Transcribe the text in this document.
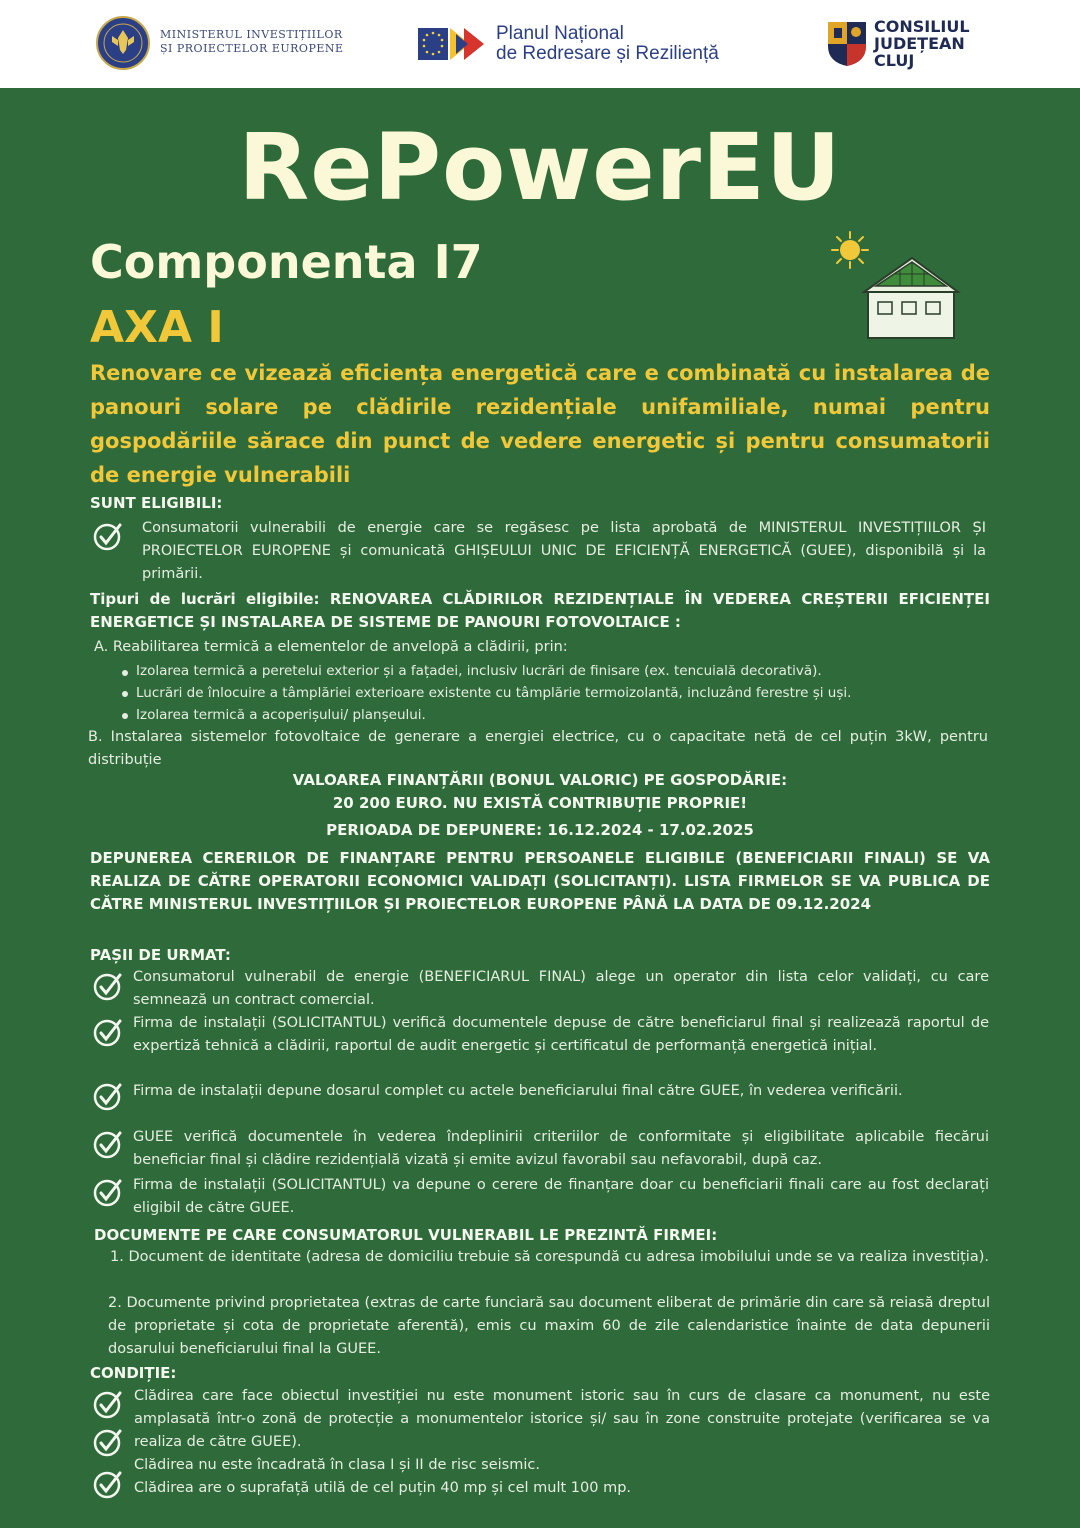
MINISTERUL INVESTIȚIILOR
ȘI PROIECTELOR EUROPENE
Planul Național
de Redresare și Reziliență
CONSILIUL
JUDEȚEAN
CLUJ
RePowerEU
Componenta I7
AXA I
Renovare ce vizează eficiența energetică care e combinată cu instalarea de panouri solare pe clădirile rezidențiale unifamiliale, numai pentru gospodăriile sărace din punct de vedere energetic și pentru consumatorii de energie vulnerabili
SUNT ELIGIBILI:
Consumatorii vulnerabili de energie care se regăsesc pe lista aprobată de MINISTERUL INVESTIȚIILOR ȘI PROIECTELOR EUROPENE și comunicată GHIȘEULUI UNIC DE EFICIENȚĂ ENERGETICĂ (GUEE), disponibilă și la primării.
Tipuri de lucrări eligibile: RENOVAREA CLĂDIRILOR REZIDENȚIALE ÎN VEDEREA CREȘTERII EFICIENȚEI ENERGETICE ȘI INSTALAREA DE SISTEME DE PANOURI FOTOVOLTAICE :
A. Reabilitarea termică a elementelor de anvelopă a clădirii, prin:
Izolarea termică a peretelui exterior și a fațadei, inclusiv lucrări de finisare (ex. tencuială decorativă).
Lucrări de înlocuire a tâmplăriei exterioare existente cu tâmplărie termoizolantă, incluzând ferestre și uși.
Izolarea termică a acoperișului/ planșeului.
B. Instalarea sistemelor fotovoltaice de generare a energiei electrice, cu o capacitate netă de cel puțin 3kW, pentru distribuție
VALOAREA FINANȚĂRII (BONUL VALORIC) PE GOSPODĂRIE:
20 200 EURO. NU EXISTĂ CONTRIBUȚIE PROPRIE!
PERIOADA DE DEPUNERE: 16.12.2024 - 17.02.2025
DEPUNEREA CERERILOR DE FINANȚARE PENTRU PERSOANELE ELIGIBILE (BENEFICIARII FINALI) SE VA REALIZA DE CĂTRE OPERATORII ECONOMICI VALIDAȚI (SOLICITANȚI). LISTA FIRMELOR SE VA PUBLICA DE CĂTRE MINISTERUL INVESTIȚIILOR ȘI PROIECTELOR EUROPENE PÂNĂ LA DATA DE 09.12.2024
PAȘII DE URMAT:
Consumatorul vulnerabil de energie (BENEFICIARUL FINAL) alege un operator din lista celor validați, cu care semnează un contract comercial.
Firma de instalații (SOLICITANTUL) verifică documentele depuse de către beneficiarul final și realizează raportul de expertiză tehnică a clădirii, raportul de audit energetic și certificatul de performanță energetică inițial.
Firma de instalații depune dosarul complet cu actele beneficiarului final către GUEE, în vederea verificării.
GUEE verifică documentele în vederea îndeplinirii criteriilor de conformitate și eligibilitate aplicabile fiecărui beneficiar final și clădire rezidențială vizată și emite avizul favorabil sau nefavorabil, după caz.
Firma de instalații (SOLICITANTUL) va depune o cerere de finanțare doar cu beneficiarii finali care au fost declarați eligibil de către GUEE.
DOCUMENTE PE CARE CONSUMATORUL VULNERABIL LE PREZINTĂ FIRMEI:
1. Document de identitate (adresa de domiciliu trebuie să corespundă cu adresa imobilului unde se va realiza investiția).
2. Documente privind proprietatea (extras de carte funciară sau document eliberat de primărie din care să reiasă dreptul de proprietate și cota de proprietate aferentă), emis cu maxim 60 de zile calendaristice înainte de data depunerii dosarului beneficiarului final la GUEE.
CONDIȚIE:
Clădirea care face obiectul investiției nu este monument istoric sau în curs de clasare ca monument, nu este amplasată într-o zonă de protecție a monumentelor istorice și/ sau în zone construite protejate (verificarea se va realiza de către GUEE).
Clădirea nu este încadrată în clasa I și II de risc seismic.
Clădirea are o suprafață utilă de cel puțin 40 mp și cel mult 100 mp.
